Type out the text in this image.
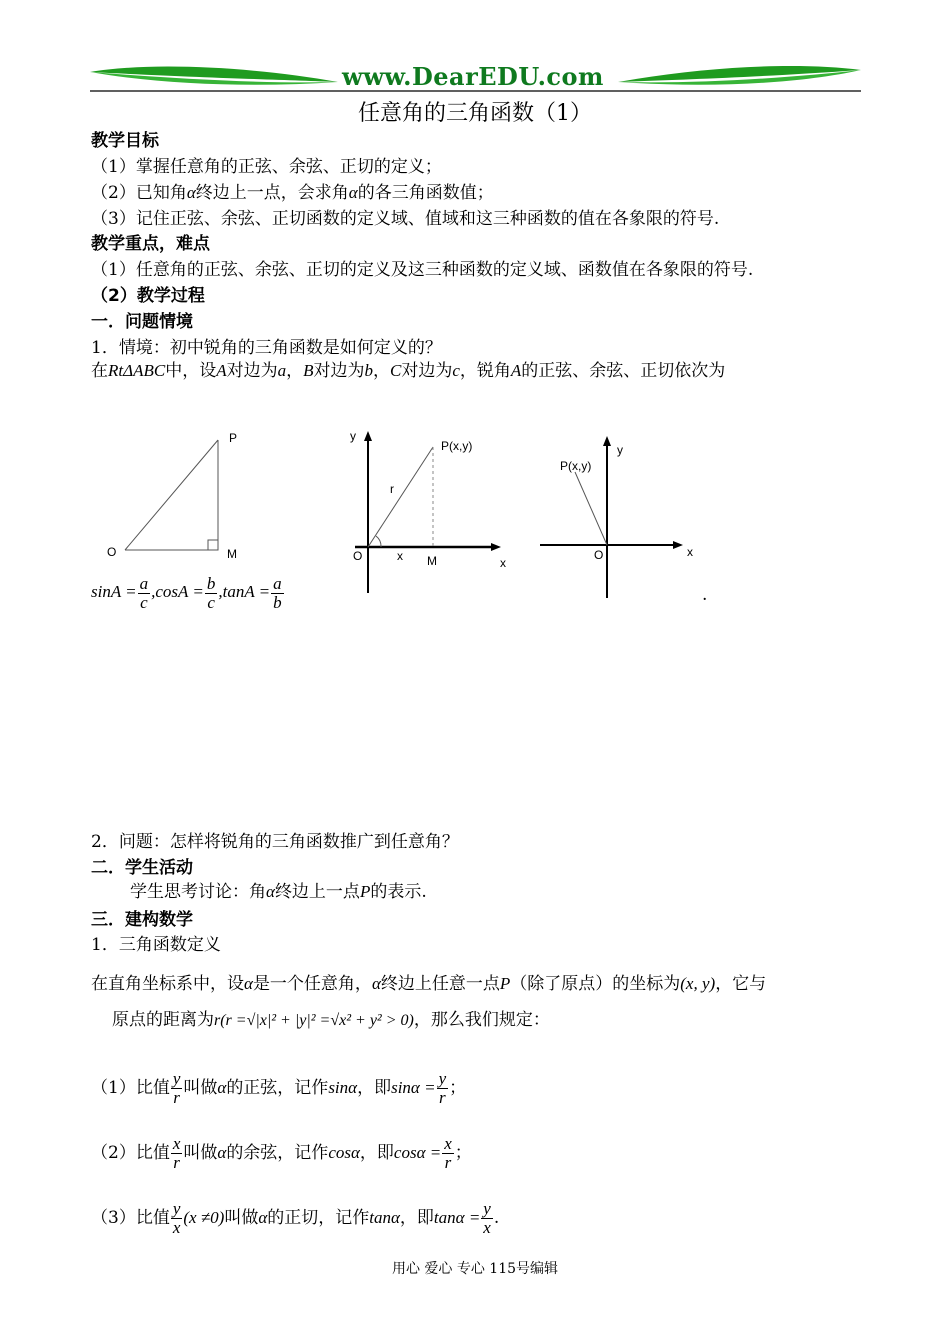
www.DearEDU.com
任意角的三角函数（1）
教学目标
（1）掌握任意角的正弦、余弦、正切的定义；
（2）已知角α终边上一点，会求角α的各三角函数值；
（3）记住正弦、余弦、正切函数的定义域、值域和这三种函数的值在各象限的符号.
教学重点，难点
（1）任意角的正弦、余弦、正切的定义及这三种函数的定义域、函数值在各象限的符号.
（2）教学过程
一．问题情境
1．情境：初中锐角的三角函数是如何定义的？
在RtΔABC中，设A对边为a，B对边为b，C对边为c，锐角A的正弦、余弦、正切依次为
P
O	M
y
P(x,y)
r
O	x M	x
y
P(x,y)
O	x
$\sin A = \frac{a}{c} ,\cos A = \frac{b}{c} ,\tan A = \frac{a}{b}$	.
2．问题：怎样将锐角的三角函数推广到任意角？
二．学生活动
学生思考讨论：角α终边上一点P的表示.
三．建构数学
1．三角函数定义
在直角坐标系中，设α是一个任意角，α终边上任意一点P（除了原点）的坐标为(x, y)，它与
原点的距离为r(r =√|x|² + |y|² =√x² + y² > 0)，那么我们规定：
（1）比值 $\frac{y}{r}$ 叫做α的正弦，记作sinα，即$\sin\alpha = \frac{y}{r}$ ；
（2）比值 $\frac{x}{r}$ 叫做α的余弦，记作cosα，即$\cos\alpha = \frac{x}{r}$ ；
（3）比值 $\frac{y}{x} (x \ne 0)$叫做α的正切，记作tanα，即$\tan\alpha = \frac{y}{x}$ .
用心 爱心 专心 115号编辑
